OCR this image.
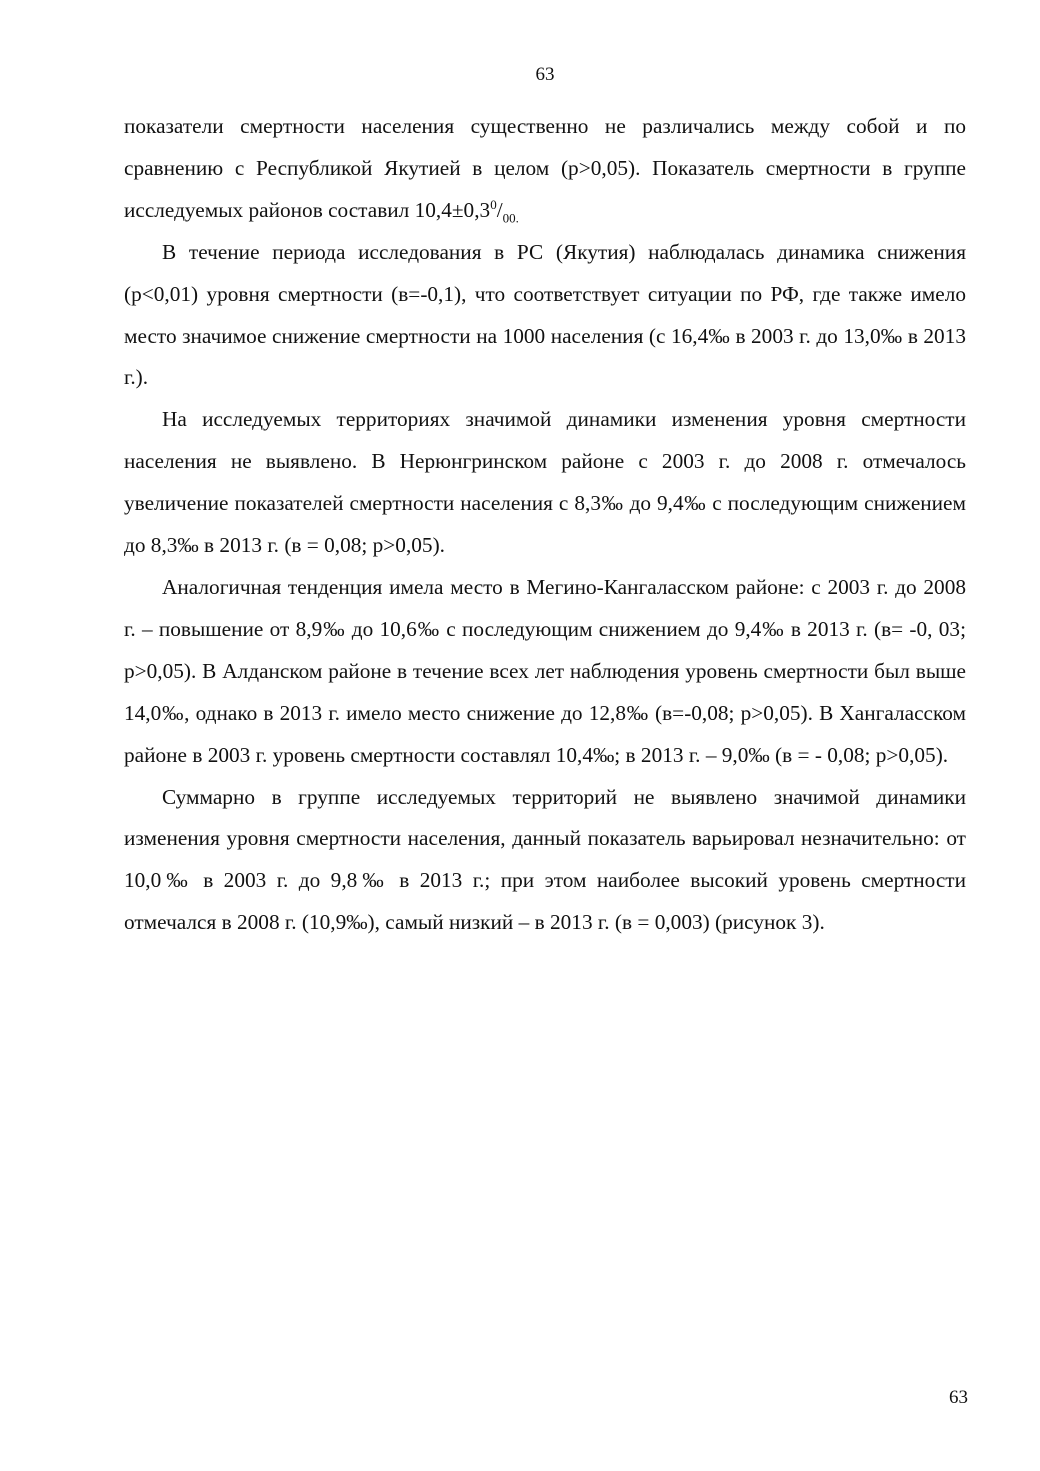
63

показатели смертности населения существенно не различались между собой и по сравнению с Республикой Якутией в целом (р>0,05). Показатель смертности в группе исследуемых районов составил $10,4\pm 0,3^0/_{00.}$

В течение периода исследования в РС (Якутия) наблюдалась динамика снижения (р<0,01) уровня смертности (в=-0,1), что соответствует ситуации по РФ, где также имело место значимое снижение смертности на 1000 населения (с 16,4‰ в 2003 г. до 13,0‰ в 2013 г.).

На исследуемых территориях значимой динамики изменения уровня смертности населения не выявлено. В Нерюнгринском районе с 2003 г. до 2008 г. отмечалось увеличение показателей смертности населения с 8,3‰ до 9,4‰ с последующим снижением до 8,3‰ в 2013 г. (в = 0,08; р>0,05).

Аналогичная тенденция имела место в Мегино-Кангаласском районе: с 2003 г. до 2008 г. – повышение от 8,9‰ до 10,6‰ с последующим снижением до 9,4‰ в 2013 г. (в= -0, 03; р>0,05). В Алданском районе в течение всех лет наблюдения уровень смертности был выше 14,0‰, однако в 2013 г. имело место снижение до 12,8‰ (в=-0,08; р>0,05). В Хангаласском районе в 2003 г. уровень смертности составлял 10,4‰; в 2013 г. – 9,0‰ (в = - 0,08; р>0,05).

Суммарно в группе исследуемых территорий не выявлено значимой динамики изменения уровня смертности населения, данный показатель варьировал незначительно: от 10,0‰ в 2003 г. до 9,8‰ в 2013 г.; при этом наиболее высокий уровень смертности отмечался в 2008 г. (10,9‰), самый низкий – в 2013 г. (в = 0,003) (рисунок 3).

63
